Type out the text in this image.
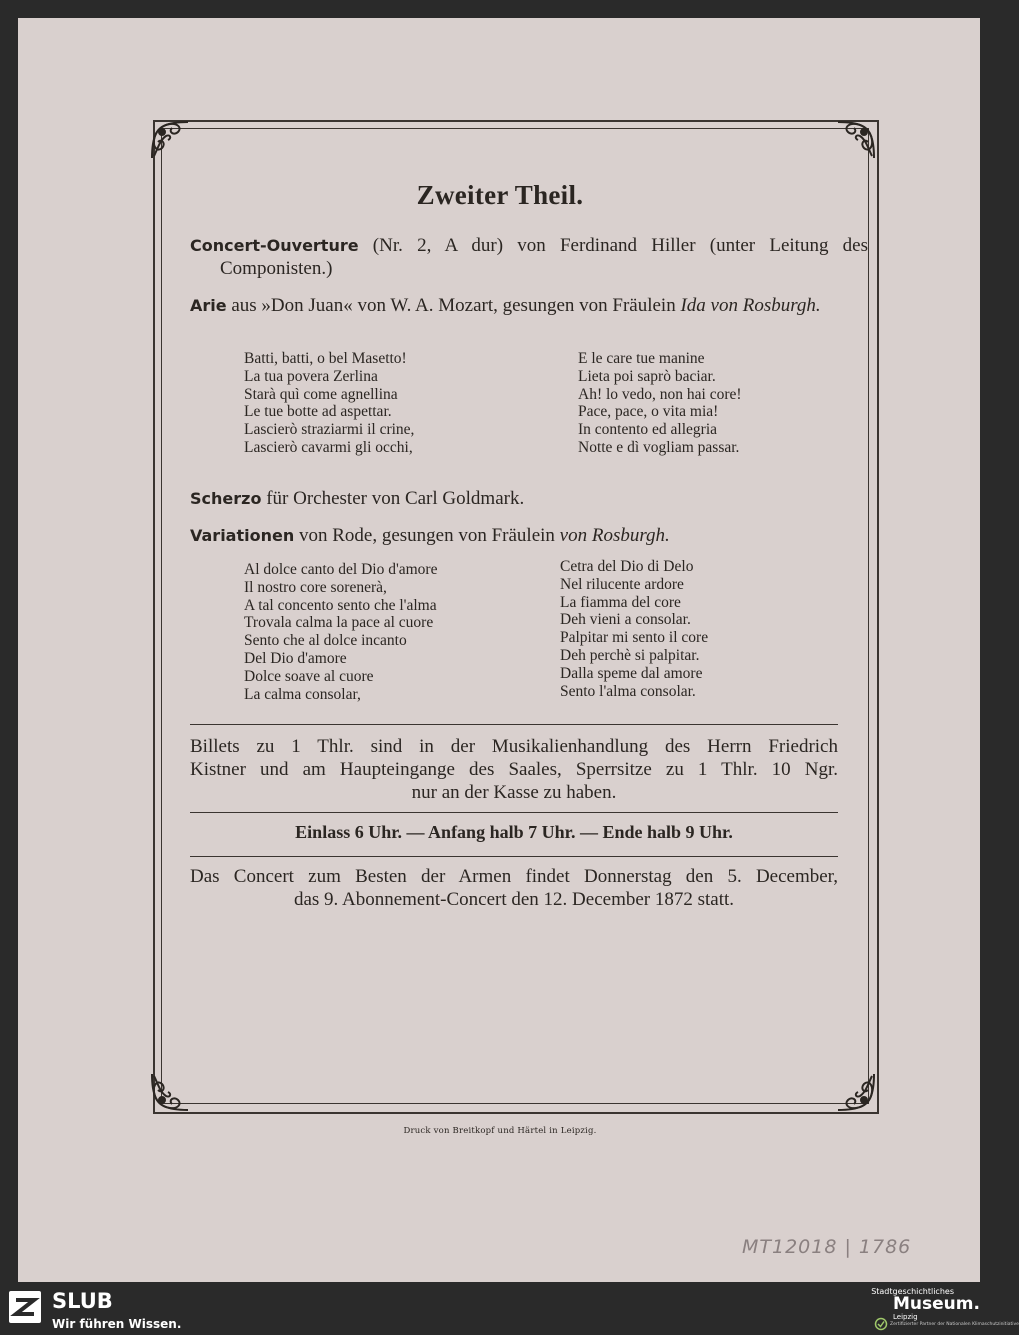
Zweiter Theil.
Concert-Ouverture (Nr. 2, A dur) von Ferdinand Hiller (unter Leitung des Componisten.)
Arie aus »Don Juan« von W. A. Mozart, gesungen von Fräulein Ida von Rosburgh.
Batti, batti, o bel Masetto!
La tua povera Zerlina
Starà quì come agnellina
Le tue botte ad aspettar.
Lascierò straziarmi il crine,
Lascierò cavarmi gli occhi,
E le care tue manine
Lieta poi saprò baciar.
Ah! lo vedo, non hai core!
Pace, pace, o vita mia!
In contento ed allegria
Notte e dì vogliam passar.
Scherzo für Orchester von Carl Goldmark.
Variationen von Rode, gesungen von Fräulein von Rosburgh.
Al dolce canto del Dio d'amore
Il nostro core sorenerà,
A tal concento sento che l'alma
Trovala calma la pace al cuore
Sento che al dolce incanto
Del Dio d'amore
Dolce soave al cuore
La calma consolar,
Cetra del Dio di Delo
Nel rilucente ardore
La fiamma del core
Deh vieni a consolar.
Palpitar mi sento il core
Deh perchè si palpitar.
Dalla speme dal amore
Sento l'alma consolar.
Billets zu 1 Thlr. sind in der Musikalienhandlung des Herrn Friedrich
Kistner und am Haupteingange des Saales, Sperrsitze zu 1 Thlr. 10 Ngr.
nur an der Kasse zu haben.
Einlass 6 Uhr. — Anfang halb 7 Uhr. — Ende halb 9 Uhr.
Das Concert zum Besten der Armen findet Donnerstag den 5. December,
das 9. Abonnement-Concert den 12. December 1872 statt.
Druck von Breitkopf und Härtel in Leipzig.
MT12018 | 1786
SLUB
Wir führen Wissen.
Stadtgeschichtliches
Museum.
Leipzig
Zertifizierter Partner der Nationalen Klimaschutzinitiative
